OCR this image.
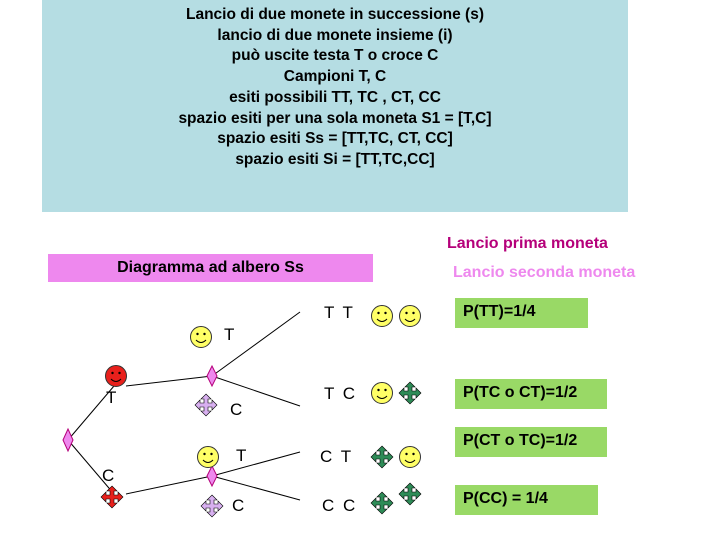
Lancio di due monete in successione (s)
lancio di due monete insieme (i)
può uscite testa T o croce C
Campioni T, C
esiti possibili TT, TC , CT, CC
spazio esiti per una sola moneta S1 = [T,C]
spazio esiti Ss = [TT,TC, CT, CC]
spazio esiti Si = [TT,TC,CC]
Diagramma ad albero Ss
Lancio prima moneta
Lancio seconda moneta
T
C
T
C
T
C
T T
T C
C T
C C
P(TT)=1/4
P(TC o CT)=1/2
P(CT o TC)=1/2
P(CC) = 1/4
